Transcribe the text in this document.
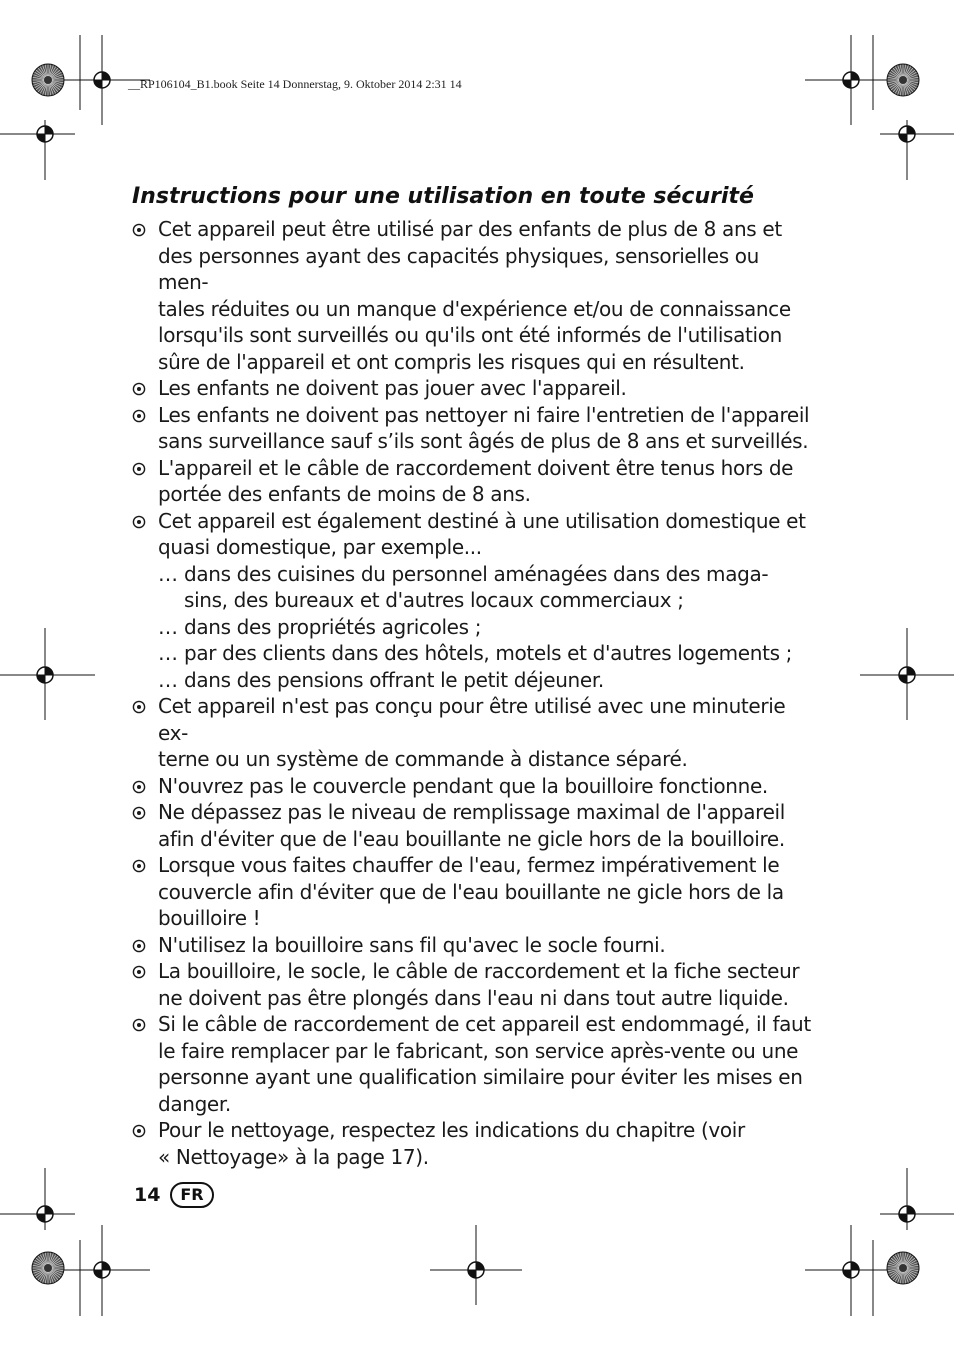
__RP106104_B1.book Seite 14 Donnerstag, 9. Oktober 2014 2:31 14
Instructions pour une utilisation en toute sécurité
Cet appareil peut être utilisé par des enfants de plus de 8 ans et
des personnes ayant des capacités physiques, sensorielles ou men-
tales réduites ou un manque d'expérience et/ou de connaissance
lorsqu'ils sont surveillés ou qu'ils ont été informés de l'utilisation
sûre de l'appareil et ont compris les risques qui en résultent.
Les enfants ne doivent pas jouer avec l'appareil.
Les enfants ne doivent pas nettoyer ni faire l'entretien de l'appareil
sans surveillance sauf s’ils sont âgés de plus de 8 ans et surveillés.
L'appareil et le câble de raccordement doivent être tenus hors de
portée des enfants de moins de 8 ans.
Cet appareil est également destiné à une utilisation domestique et
quasi domestique, par exemple...
… dans des cuisines du personnel aménagées dans des maga-
sins, des bureaux et d'autres locaux commerciaux ;
… dans des propriétés agricoles ;
… par des clients dans des hôtels, motels et d'autres logements ;
… dans des pensions offrant le petit déjeuner.
Cet appareil n'est pas conçu pour être utilisé avec une minuterie ex-
terne ou un système de commande à distance séparé.
N'ouvrez pas le couvercle pendant que la bouilloire fonctionne.
Ne dépassez pas le niveau de remplissage maximal de l'appareil
afin d'éviter que de l'eau bouillante ne gicle hors de la bouilloire.
Lorsque vous faites chauffer de l'eau, fermez impérativement le
couvercle afin d'éviter que de l'eau bouillante ne gicle hors de la
bouilloire !
N'utilisez la bouilloire sans fil qu'avec le socle fourni.
La bouilloire, le socle, le câble de raccordement et la fiche secteur
ne doivent pas être plongés dans l'eau ni dans tout autre liquide.
Si le câble de raccordement de cet appareil est endommagé, il faut
le faire remplacer par le fabricant, son service après-vente ou une
personne ayant une qualification similaire pour éviter les mises en
danger.
Pour le nettoyage, respectez les indications du chapitre (voir
« Nettoyage» à la page 17).
14	FR
